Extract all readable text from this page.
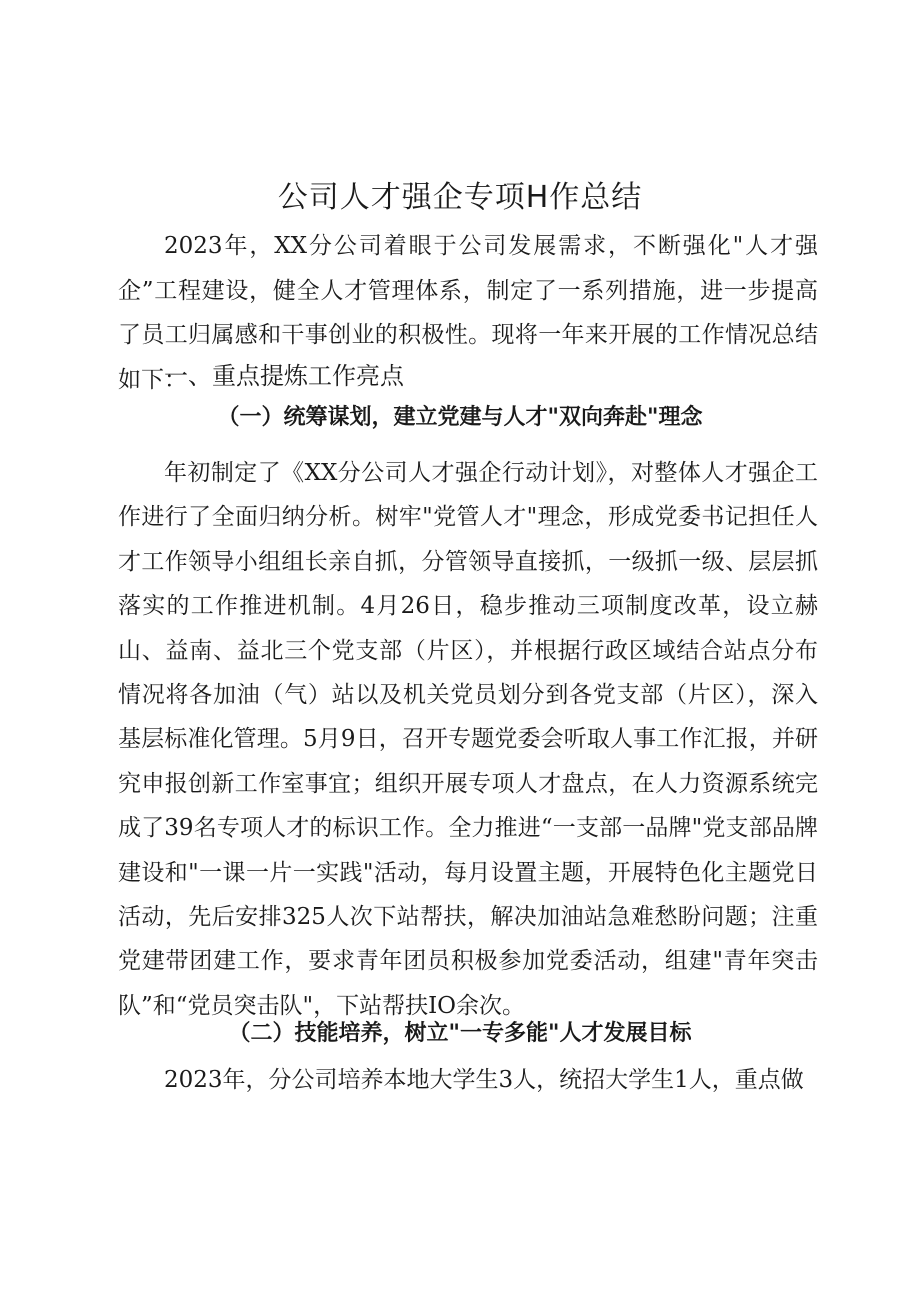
公司人才强企专项H作总结

2023年，XX分公司着眼于公司发展需求，不断强化"人才强企”工程建设，健全人才管理体系，制定了一系列措施，进一步提高了员工归属感和干事创业的积极性。现将一年来开展的工作情况总结如下：

一、重点提炼工作亮点
（一）统筹谋划，建立党建与人才"双向奔赴"理念

年初制定了《XX分公司人才强企行动计划》，对整体人才强企工作进行了全面归纳分析。树牢"党管人才"理念，形成党委书记担任人才工作领导小组组长亲自抓，分管领导直接抓，一级抓一级、层层抓落实的工作推进机制。4月26日，稳步推动三项制度改革，设立赫山、益南、益北三个党支部（片区），并根据行政区域结合站点分布情况将各加油（气）站以及机关党员划分到各党支部（片区），深入基层标准化管理。5月9日，召开专题党委会听取人事工作汇报，并研究申报创新工作室事宜；组织开展专项人才盘点，在人力资源系统完成了39名专项人才的标识工作。全力推进“一支部一品牌"党支部品牌建设和"一课一片一实践"活动，每月设置主题，开展特色化主题党日活动，先后安排325人次下站帮扶，解决加油站急难愁盼问题；注重党建带团建工作，要求青年团员积极参加党委活动，组建"青年突击队”和“党员突击队"，下站帮扶IO余次。

（二）技能培养，树立"一专多能"人才发展目标

2023年，分公司培养本地大学生3人，统招大学生1人，重点做
